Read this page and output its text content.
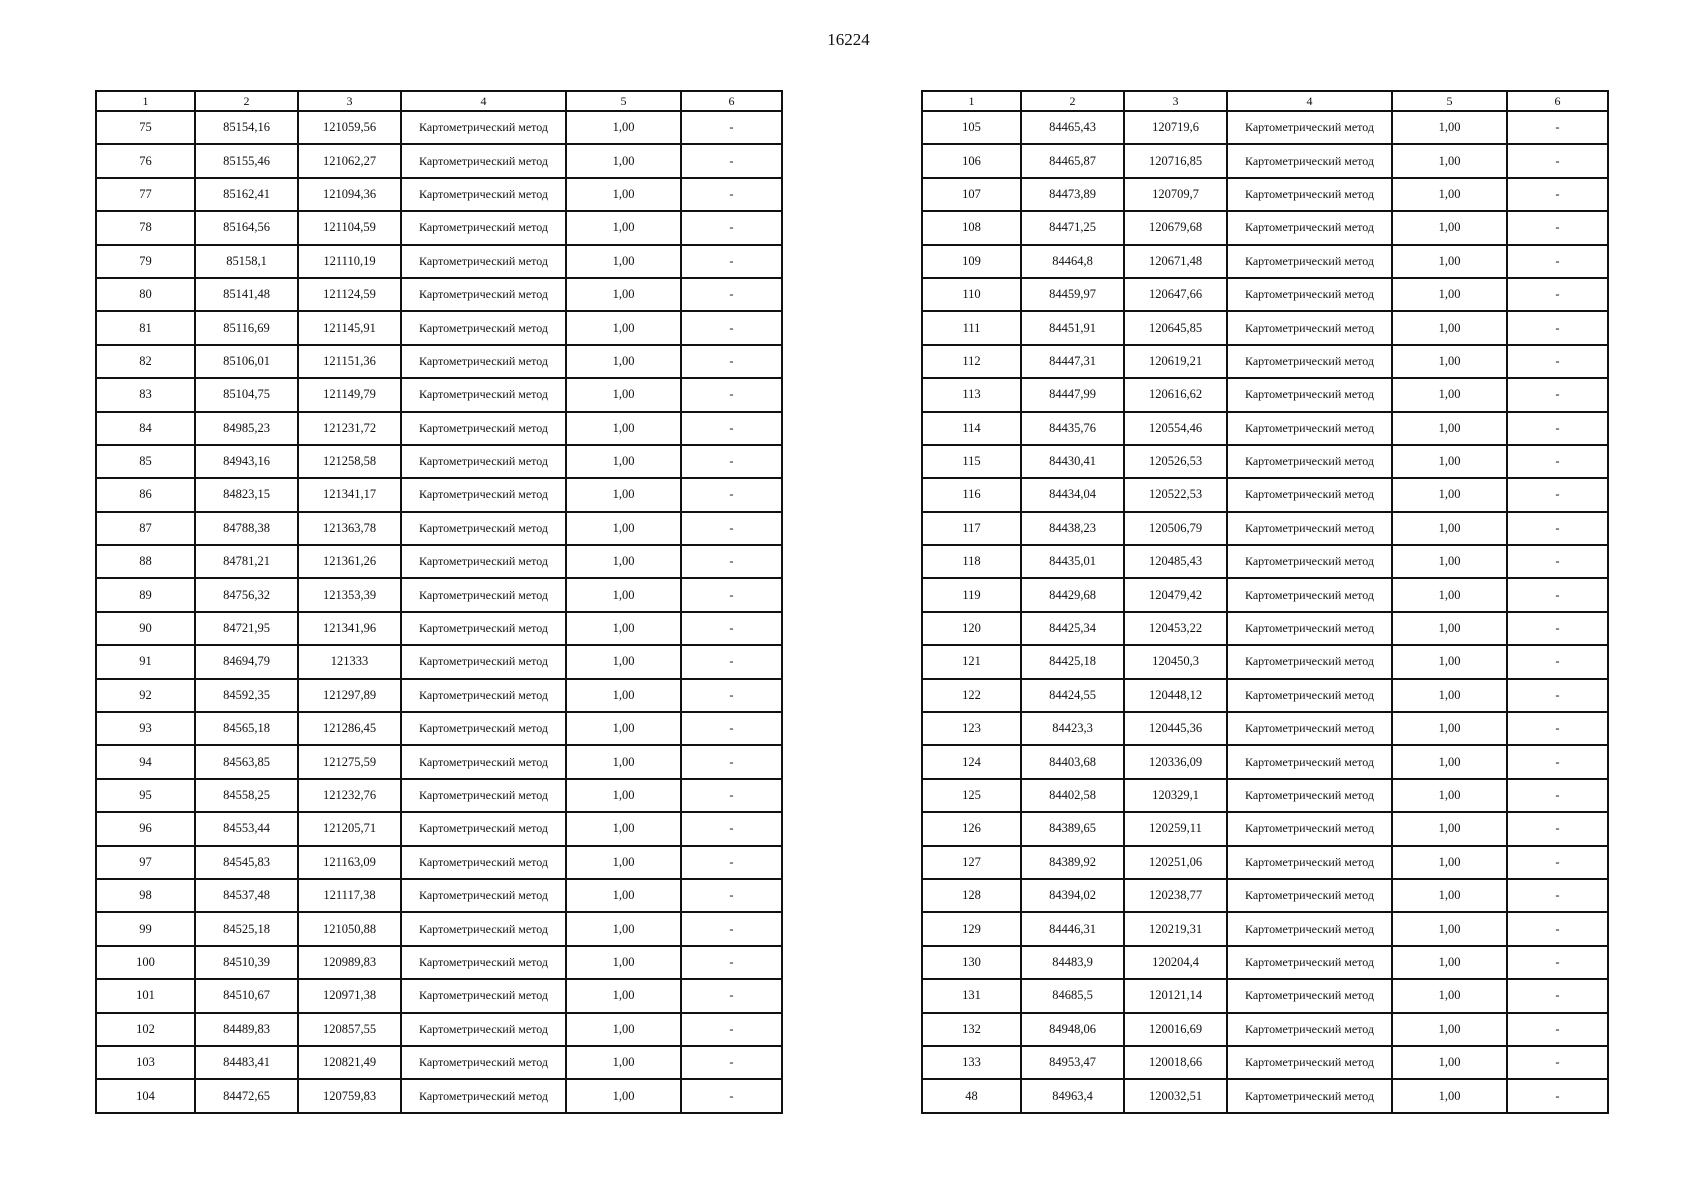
16224
1	2	3	4	5	6
75	85154,16	121059,56	Картометрический метод	1,00	-
76	85155,46	121062,27	Картометрический метод	1,00	-
77	85162,41	121094,36	Картометрический метод	1,00	-
78	85164,56	121104,59	Картометрический метод	1,00	-
79	85158,1	121110,19	Картометрический метод	1,00	-
80	85141,48	121124,59	Картометрический метод	1,00	-
81	85116,69	121145,91	Картометрический метод	1,00	-
82	85106,01	121151,36	Картометрический метод	1,00	-
83	85104,75	121149,79	Картометрический метод	1,00	-
84	84985,23	121231,72	Картометрический метод	1,00	-
85	84943,16	121258,58	Картометрический метод	1,00	-
86	84823,15	121341,17	Картометрический метод	1,00	-
87	84788,38	121363,78	Картометрический метод	1,00	-
88	84781,21	121361,26	Картометрический метод	1,00	-
89	84756,32	121353,39	Картометрический метод	1,00	-
90	84721,95	121341,96	Картометрический метод	1,00	-
91	84694,79	121333	Картометрический метод	1,00	-
92	84592,35	121297,89	Картометрический метод	1,00	-
93	84565,18	121286,45	Картометрический метод	1,00	-
94	84563,85	121275,59	Картометрический метод	1,00	-
95	84558,25	121232,76	Картометрический метод	1,00	-
96	84553,44	121205,71	Картометрический метод	1,00	-
97	84545,83	121163,09	Картометрический метод	1,00	-
98	84537,48	121117,38	Картометрический метод	1,00	-
99	84525,18	121050,88	Картометрический метод	1,00	-
100	84510,39	120989,83	Картометрический метод	1,00	-
101	84510,67	120971,38	Картометрический метод	1,00	-
102	84489,83	120857,55	Картометрический метод	1,00	-
103	84483,41	120821,49	Картометрический метод	1,00	-
104	84472,65	120759,83	Картометрический метод	1,00	-
1	2	3	4	5	6
105	84465,43	120719,6	Картометрический метод	1,00	-
106	84465,87	120716,85	Картометрический метод	1,00	-
107	84473,89	120709,7	Картометрический метод	1,00	-
108	84471,25	120679,68	Картометрический метод	1,00	-
109	84464,8	120671,48	Картометрический метод	1,00	-
110	84459,97	120647,66	Картометрический метод	1,00	-
111	84451,91	120645,85	Картометрический метод	1,00	-
112	84447,31	120619,21	Картометрический метод	1,00	-
113	84447,99	120616,62	Картометрический метод	1,00	-
114	84435,76	120554,46	Картометрический метод	1,00	-
115	84430,41	120526,53	Картометрический метод	1,00	-
116	84434,04	120522,53	Картометрический метод	1,00	-
117	84438,23	120506,79	Картометрический метод	1,00	-
118	84435,01	120485,43	Картометрический метод	1,00	-
119	84429,68	120479,42	Картометрический метод	1,00	-
120	84425,34	120453,22	Картометрический метод	1,00	-
121	84425,18	120450,3	Картометрический метод	1,00	-
122	84424,55	120448,12	Картометрический метод	1,00	-
123	84423,3	120445,36	Картометрический метод	1,00	-
124	84403,68	120336,09	Картометрический метод	1,00	-
125	84402,58	120329,1	Картометрический метод	1,00	-
126	84389,65	120259,11	Картометрический метод	1,00	-
127	84389,92	120251,06	Картометрический метод	1,00	-
128	84394,02	120238,77	Картометрический метод	1,00	-
129	84446,31	120219,31	Картометрический метод	1,00	-
130	84483,9	120204,4	Картометрический метод	1,00	-
131	84685,5	120121,14	Картометрический метод	1,00	-
132	84948,06	120016,69	Картометрический метод	1,00	-
133	84953,47	120018,66	Картометрический метод	1,00	-
48	84963,4	120032,51	Картометрический метод	1,00	-
